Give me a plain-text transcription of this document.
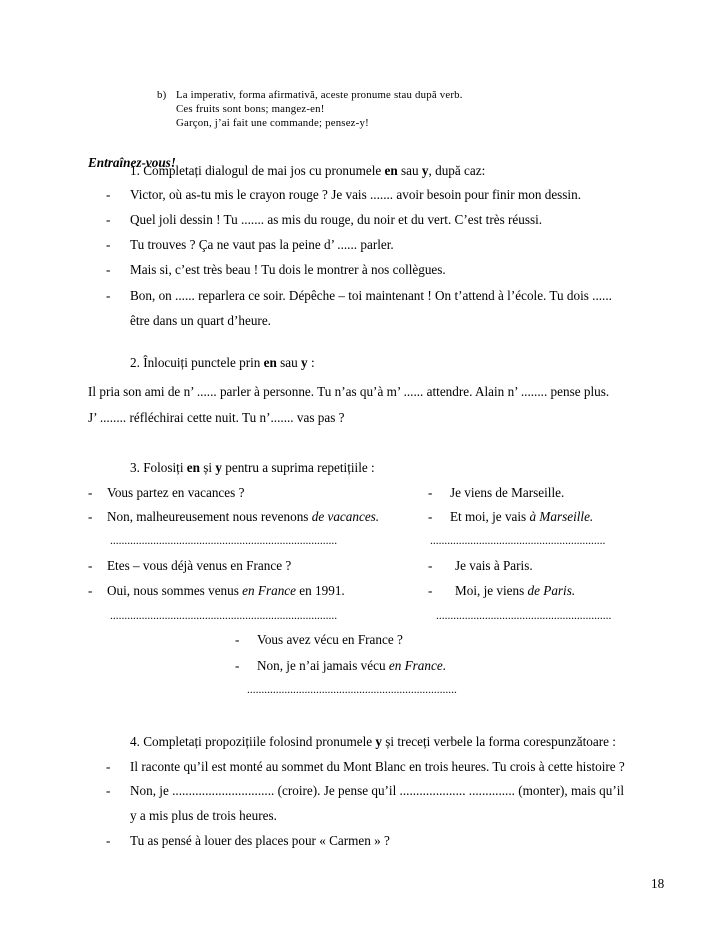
b) La imperativ, forma afirmativă, aceste pronume stau după verb.
Ces fruits sont bons; mangez-en!
Garçon, j’ai fait une commande; pensez-y!
Entraînez-vous!
1. Completați dialogul de mai jos cu pronumele en sau y, după caz:
- Victor, où as-tu mis le crayon rouge ? Je vais ....... avoir besoin pour finir mon dessin.
- Quel joli dessin ! Tu ....... as mis du rouge, du noir et du vert. C’est très réussi.
- Tu trouves ? Ça ne vaut pas la peine d’ ...... parler.
- Mais si, c’est très beau ! Tu dois le montrer à nos collègues.
- Bon, on ...... reparlera ce soir. Dépêche – toi maintenant ! On t’attend à l’école. Tu dois ......
être dans un quart d’heure.
2. Înlocuiți punctele prin en sau y :
Il pria son ami de n’ ...... parler à personne. Tu n’as qu’à m’ ...... attendre. Alain n’ ........ pense plus.
J’ ........ réfléchirai cette nuit. Tu n’....... vas pas ?
3. Folosiți en și y pentru a suprima repetițiile :
- Vous partez en vacances ?	- Je viens de Marseille.
- Non, malheureusement nous revenons de vacances.	- Et moi, je vais à Marseille.
...............................................................................	.............................................................
- Etes – vous déjà venus en France ?	- Je vais à Paris.
- Oui, nous sommes venus en France en 1991.	- Moi, je viens de Paris.
...............................................................................	.............................................................
- Vous avez vécu en France ?
- Non, je n’ai jamais vécu en France.
.........................................................................
4. Completați propozițiile folosind pronumele y și treceți verbele la forma corespunzătoare :
- Il raconte qu’il est monté au sommet du Mont Blanc en trois heures. Tu crois à cette histoire ?
- Non, je ............................... (croire). Je pense qu’il .................... .............. (monter), mais qu’il
y a mis plus de trois heures.
- Tu as pensé à louer des places pour « Carmen » ?
18
